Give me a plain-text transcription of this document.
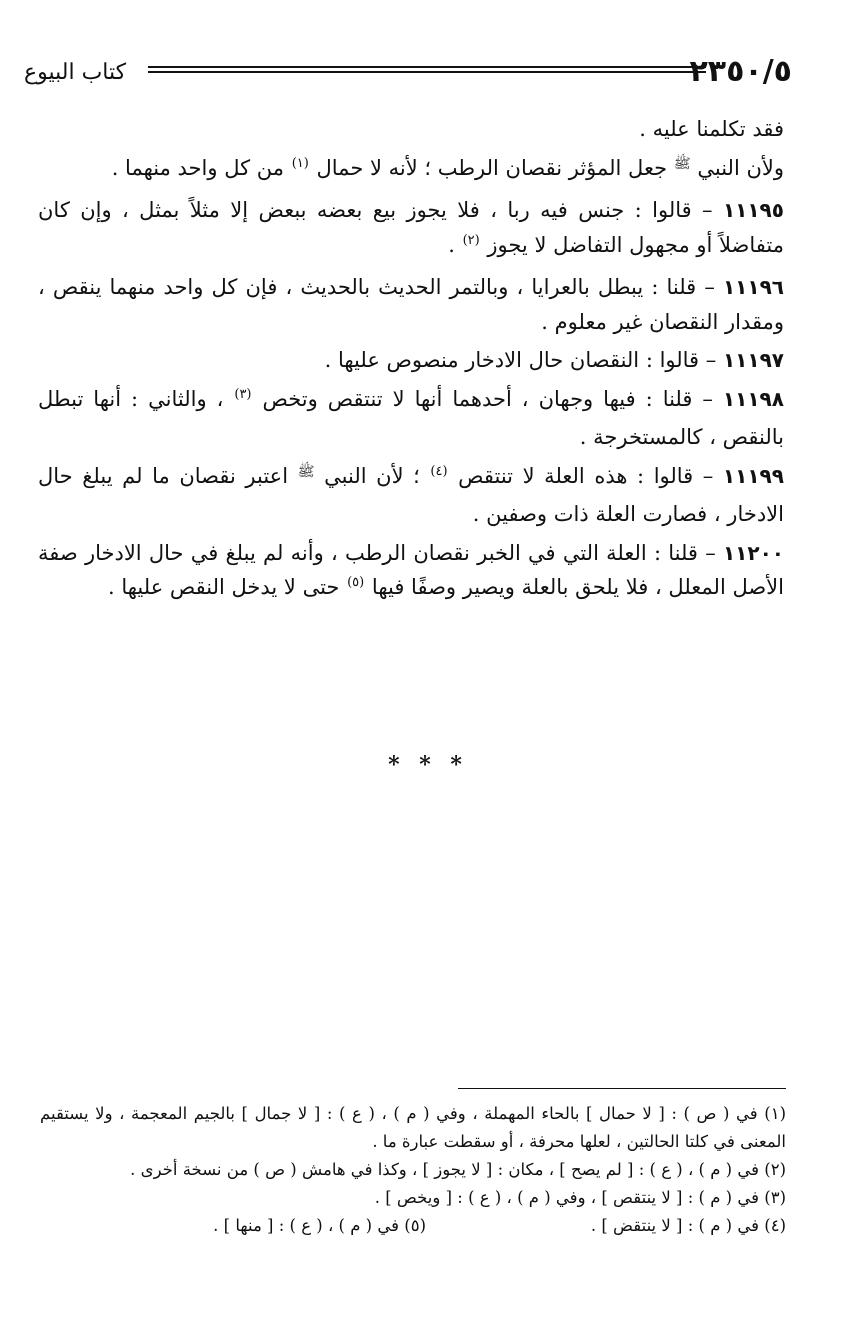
٢٣٥٠/٥
كتاب البيوع

فقد تكلمنا عليه .

ولأن النبي $^ﷺ$ جعل المؤثر نقصان الرطب ؛ لأنه لا حمال $^{(١)}$ من كل واحد منهما .

١١١٩٥ – قالوا : جنس فيه ربا ، فلا يجوز بيع بعضه ببعض إلا مثلاً بمثل ، وإن كان متفاضلاً أو مجهول التفاضل لا يجوز $^{(٢)}$ .

١١١٩٦ – قلنا : يبطل بالعرايا ، وبالتمر الحديث بالحديث ، فإن كل واحد منهما ينقص ، ومقدار النقصان غير معلوم .

١١١٩٧ – قالوا : النقصان حال الادخار منصوص عليها .

١١١٩٨ – قلنا : فيها وجهان ، أحدهما أنها لا تنتقص وتخص $^{(٣)}$ ، والثاني : أنها تبطل بالنقص ، كالمستخرجة .

١١١٩٩ – قالوا : هذه العلة لا تنتقص $^{(٤)}$ ؛ لأن النبي $^ﷺ$ اعتبر نقصان ما لم يبلغ حال الادخار ، فصارت العلة ذات وصفين .

١١٢٠٠ – قلنا : العلة التي في الخبر نقصان الرطب ، وأنه لم يبلغ في حال الادخار صفة الأصل المعلل ، فلا يلحق بالعلة ويصير وصفًا فيها $^{(٥)}$ حتى لا يدخل النقص عليها .

* * *

(١) في ( ص ) : [ لا حمال ] بالحاء المهملة ، وفي ( م ) ، ( ع ) : [ لا جمال ] بالجيم المعجمة ، ولا يستقيم المعنى في كلتا الحالتين ، لعلها محرفة ، أو سقطت عبارة ما .

(٢) في ( م ) ، ( ع ) : [ لم يصح ] ، مكان : [ لا يجوز ] ، وكذا في هامش ( ص ) من نسخة أخرى .

(٣) في ( م ) : [ لا ينتقص ] ، وفي ( م ) ، ( ع ) : [ ويخص ] .

(٤) في ( م ) : [ لا ينتقض ] .
(٥) في ( م ) ، ( ع ) : [ منها ] .
